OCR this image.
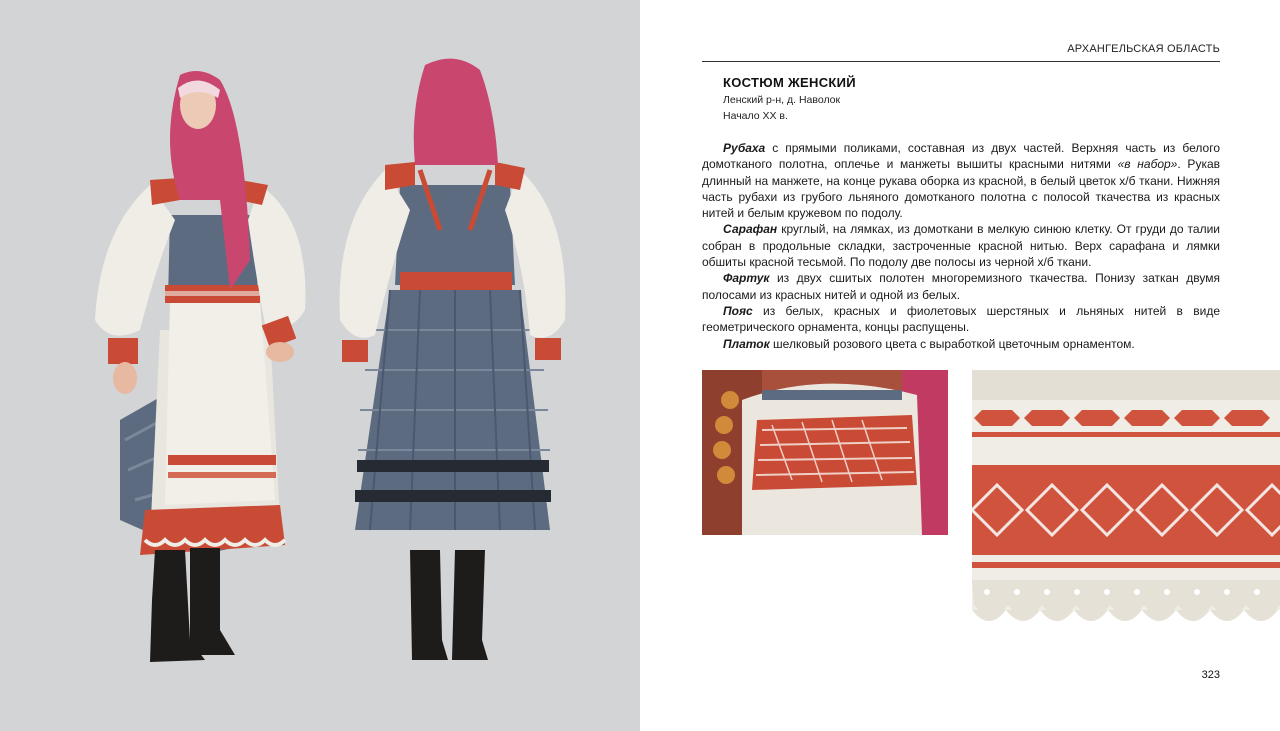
АРХАНГЕЛЬСКАЯ ОБЛАСТЬ
КОСТЮМ ЖЕНСКИЙ
Ленский р-н, д. Наволок
Начало XX в.

Рубаха с прямыми поликами, составная из двух частей. Верхняя часть из белого домотканого полотна, оплечье и манжеты вышиты красными нитями «в набор». Рукав длинный на манжете, на конце рукава оборка из красной, в белый цветок х/б ткани. Нижняя часть рубахи из грубого льняного домотканого полотна с полосой ткачества из красных нитей и белым кружевом по подолу.

Сарафан круглый, на лямках, из домоткани в мелкую синюю клетку. От груди до талии собран в продольные складки, застроченные красной нитью. Верх сарафана и лямки обшиты красной тесьмой. По подолу две полосы из черной х/б ткани.

Фартук из двух сшитых полотен многоремизного ткачества. Понизу заткан двумя полосами из красных нитей и одной из белых.

Пояс из белых, красных и фиолетовых шерстяных и льняных нитей в виде геометрического орнамента, концы распущены.

Платок шелковый розового цвета с выработкой цветочным орнаментом.

323
